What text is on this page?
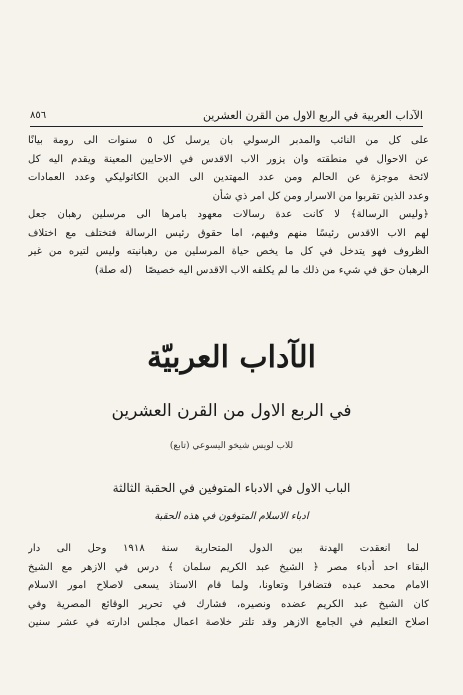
الآداب العربية في الربع الاول من القرن العشرين
٨٥٦
على كل من النائب والمدبر الرسولي بان يرسل كل ٥ سنوات الى رومة بيانًا
عن الاحوال في منطقته وان يزور الاب الاقدس في الاحايين المعينة ويقدم اليه كل
لائحة موجزة عن الحالم ومن عدد المهتدين الى الدين الكاثوليكي وعدد العمادات
وعدد الذين تقربوا من الاسرار ومن كل امر ذي شأن
﴿وليس الرسالة﴾ لا كانت عدة رسالات معهود بامرها الى مرسلين رهبان جعل
لهم الاب الاقدس رئيسًا منهم وفيهم، اما حقوق رئيس الرسالة فتختلف مع اختلاف
الظروف فهو يتدخل في كل ما يخص حياة المرسلين من رهبانيته وليس لتيره من غير
الرهبان حق في شيء من ذلك ما لم يكلفه الاب الاقدس اليه خصيصًا    (له صلة)
الآداب العربيّة
في الربع الاول من القرن العشرين
للاب لويس شيخو اليسوعي (تابع)
الباب الاول في الادباء المتوفين في الحقبة الثالثة
ادباء الاسلام المتوفون في هذه الحقبة
لما انعقدت الهدنة بين الدول المتحاربة سنة ١٩١٨ وحل الى دار
البقاء احد أدباء مصر ﴿ الشيخ عبد الكريم سلمان ﴾ درس في الازهر مع الشيخ
الامام محمد عبده فتضافرا وتعاونا، ولما قام الاستاذ يسعى لاصلاح امور الاسلام
كان الشيخ عبد الكريم عضده ونصيره، فشارك في تحرير الوقائع المصرية وفي
اصلاح التعليم في الجامع الازهر وقد تلتر خلاصة اعمال مجلس ادارته في عشر سنين
